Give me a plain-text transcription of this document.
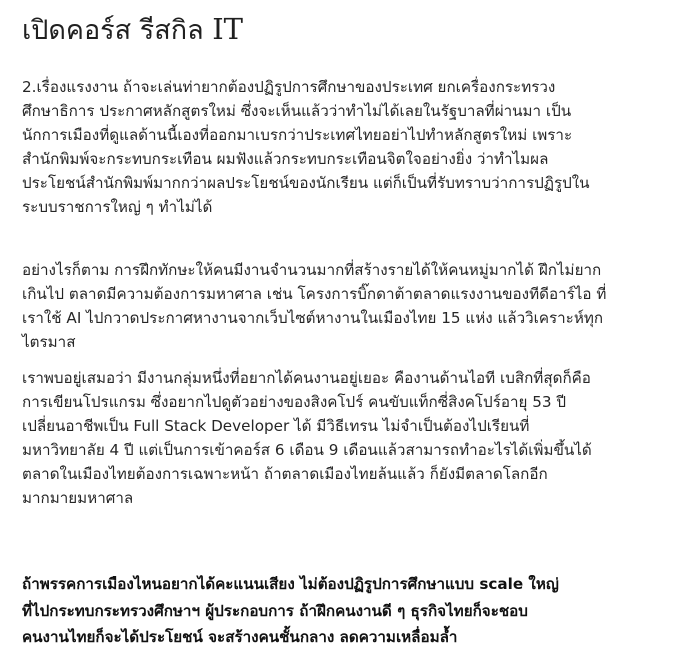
เปิดคอร์ส รีสกิล IT
2.เรื่องแรงงาน ถ้าจะเล่นท่ายากต้องปฏิรูปการศึกษาของประเทศ ยกเครื่องกระทรวง
ศึกษาธิการ ประกาศหลักสูตรใหม่ ซึ่งจะเห็นแล้วว่าทำไม่ได้เลยในรัฐบาลที่ผ่านมา เป็น
นักการเมืองที่ดูแลด้านนี้เองที่ออกมาเบรกว่าประเทศไทยอย่าไปทำหลักสูตรใหม่ เพราะ
สำนักพิมพ์จะกระทบกระเทือน ผมฟังแล้วกระทบกระเทือนจิตใจอย่างยิ่ง ว่าทำไมผล
ประโยชน์สำนักพิมพ์มากกว่าผลประโยชน์ของนักเรียน แต่ก็เป็นที่รับทราบว่าการปฏิรูปใน
ระบบราชการใหญ่ ๆ ทำไม่ได้
อย่างไรก็ตาม การฝึกทักษะให้คนมีงานจำนวนมากที่สร้างรายได้ให้คนหมู่มากได้ ฝึกไม่ยาก
เกินไป ตลาดมีความต้องการมหาศาล เช่น โครงการบิ๊กดาต้าตลาดแรงงานของทีดีอาร์ไอ ที่
เราใช้ AI ไปกวาดประกาศหางานจากเว็บไซต์หางานในเมืองไทย 15 แห่ง แล้ววิเคราะห์ทุก
ไตรมาส
เราพบอยู่เสมอว่า มีงานกลุ่มหนึ่งที่อยากได้คนงานอยู่เยอะ คืองานด้านไอที เบสิกที่สุดก็คือ
การเขียนโปรแกรม ซึ่งอยากไปดูตัวอย่างของสิงคโปร์ คนขับแท็กซี่สิงคโปร์อายุ 53 ปี
เปลี่ยนอาชีพเป็น Full Stack Developer ได้ มีวิธีเทรน ไม่จำเป็นต้องไปเรียนที่
มหาวิทยาลัย 4 ปี แต่เป็นการเข้าคอร์ส 6 เดือน 9 เดือนแล้วสามารถทำอะไรได้เพิ่มขึ้นได้
ตลาดในเมืองไทยต้องการเฉพาะหน้า ถ้าตลาดเมืองไทยล้นแล้ว ก็ยังมีตลาดโลกอีก
มากมายมหาศาล
ถ้าพรรคการเมืองไหนอยากได้คะแนนเสียง ไม่ต้องปฏิรูปการศึกษาแบบ scale ใหญ่
ที่ไปกระทบกระทรวงศึกษาฯ ผู้ประกอบการ ถ้าฝึกคนงานดี ๆ ธุรกิจไทยก็จะชอบ
คนงานไทยก็จะได้ประโยชน์ จะสร้างคนชั้นกลาง ลดความเหลื่อมล้ำ
